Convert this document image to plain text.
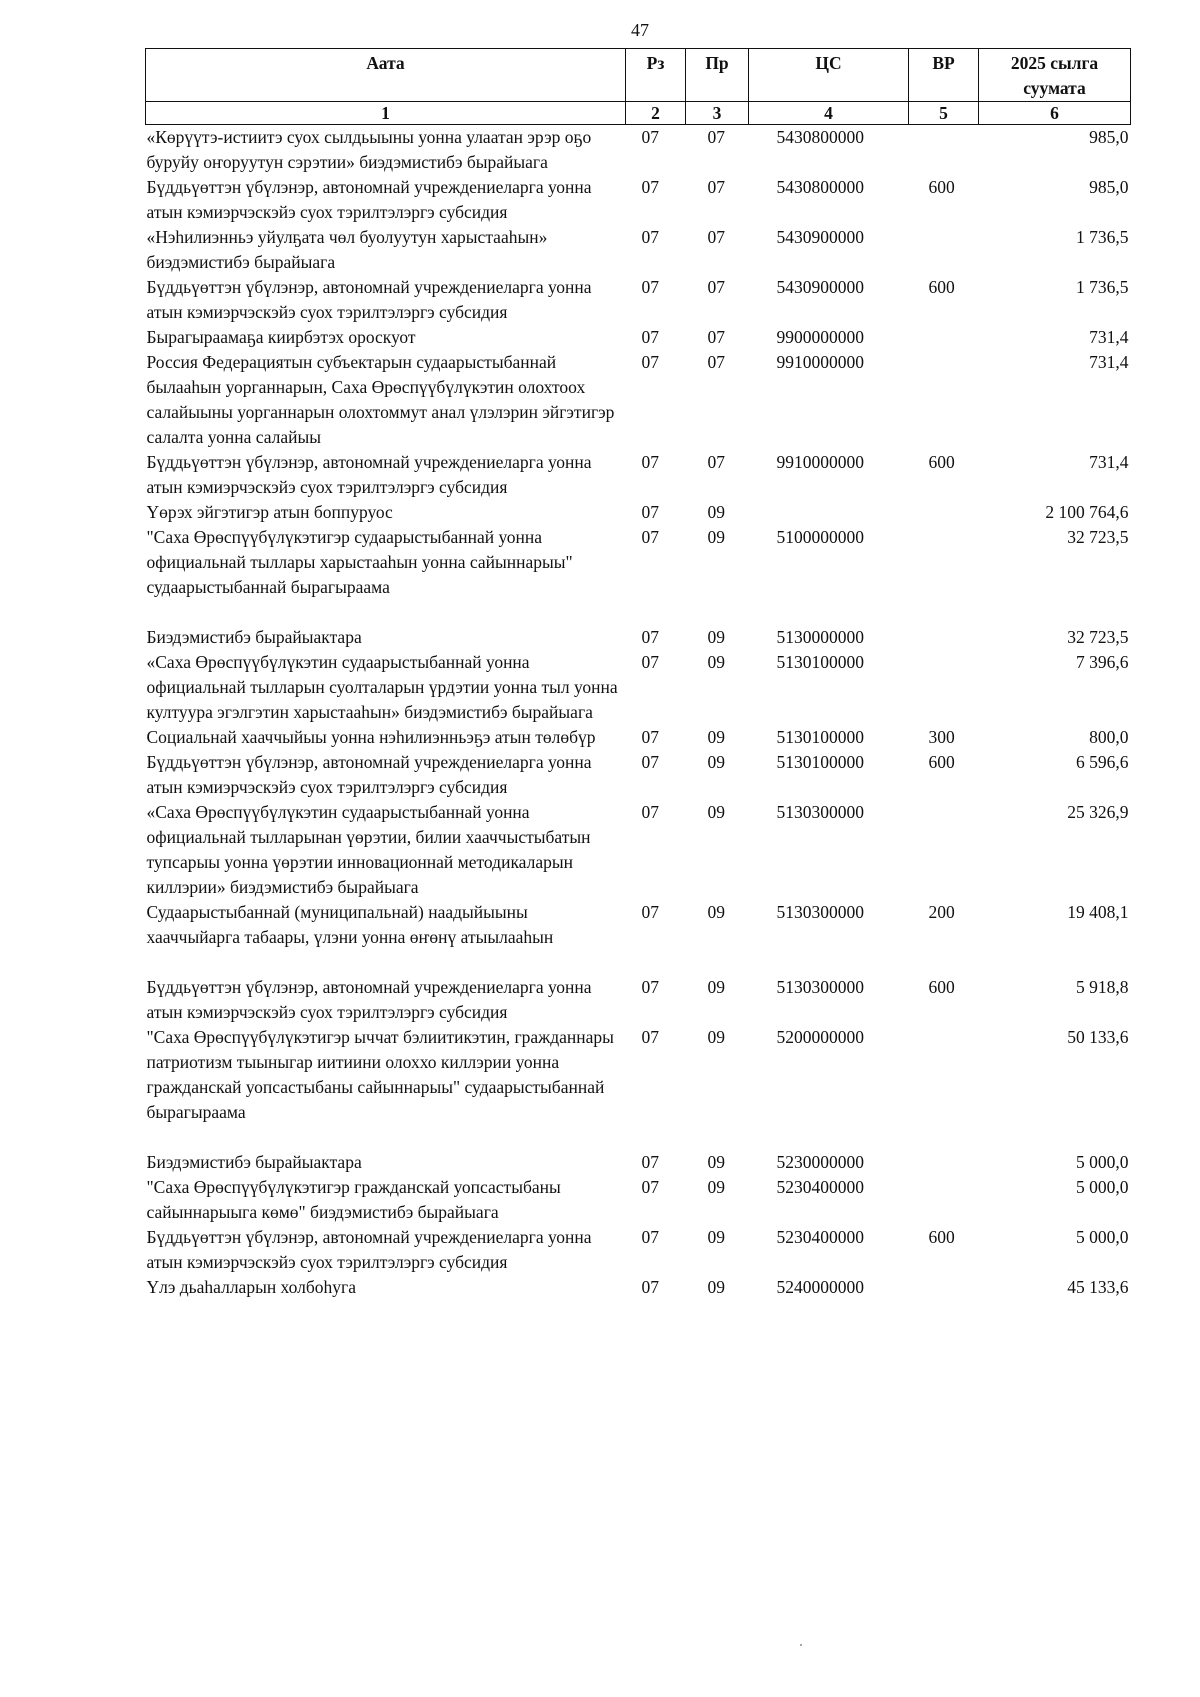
47
Аата	Рз	Пр	ЦС	ВР	2025 сылга суумата
1	2	3	4	5	6
«Көрүүтэ-истиитэ суох сылдьыыны уонна улаатан эрэр оҕо буруйу оҥоруутун сэрэтии» биэдэмистибэ бырайыага	07	07	5430800000		985,0
Бүддьүөттэн үбүлэнэр, автономнай учреждениеларга уонна атын кэмиэрчэскэйэ суох тэрилтэлэргэ субсидия	07	07	5430800000	600	985,0
«Нэһилиэнньэ уйулҕата чөл буолуутун харыстааһын» биэдэмистибэ бырайыага	07	07	5430900000		1 736,5
Бүддьүөттэн үбүлэнэр, автономнай учреждениеларга уонна атын кэмиэрчэскэйэ суох тэрилтэлэргэ субсидия	07	07	5430900000	600	1 736,5
Бырагыраамаҕа киирбэтэх ороскуот	07	07	9900000000		731,4
Россия Федерациятын субъектарын судаарыстыбаннай былааһын уорганнарын, Саха Өрөспүүбүлүкэтин олохтоох салайыыны уорганнарын олохтоммут анал үлэлэрин эйгэтигэр салалта уонна салайыы	07	07	9910000000		731,4
Бүддьүөттэн үбүлэнэр, автономнай учреждениеларга уонна атын кэмиэрчэскэйэ суох тэрилтэлэргэ субсидия	07	07	9910000000	600	731,4
Үөрэх эйгэтигэр атын боппуруос	07	09			2 100 764,6
"Саха Өрөспүүбүлүкэтигэр судаарыстыбаннай уонна официальнай тыллары харыстааһын уонна сайыннарыы" судаарыстыбаннай бырагыраама	07	09	5100000000		32 723,5
Биэдэмистибэ бырайыактара	07	09	5130000000		32 723,5
«Саха Өрөспүүбүлүкэтин судаарыстыбаннай уонна официальнай тылларын суолталарын үрдэтии уонна тыл уонна култуура эгэлгэтин харыстааһын» биэдэмистибэ бырайыага	07	09	5130100000		7 396,6
Социальнай хааччыйыы уонна нэһилиэнньэҕэ атын төлөбүр	07	09	5130100000	300	800,0
Бүддьүөттэн үбүлэнэр, автономнай учреждениеларга уонна атын кэмиэрчэскэйэ суох тэрилтэлэргэ субсидия	07	09	5130100000	600	6 596,6
«Саха Өрөспүүбүлүкэтин судаарыстыбаннай уонна официальнай тылларынан үөрэтии, билии хааччыстыбатын тупсарыы уонна үөрэтии инновационнай методикаларын киллэрии» биэдэмистибэ бырайыага	07	09	5130300000		25 326,9
Судаарыстыбаннай (муниципальнай) наадыйыыны хааччыйарга табаары, үлэни уонна өҥөнү атыылааһын	07	09	5130300000	200	19 408,1
Бүддьүөттэн үбүлэнэр, автономнай учреждениеларга уонна атын кэмиэрчэскэйэ суох тэрилтэлэргэ субсидия	07	09	5130300000	600	5 918,8
"Саха Өрөспүүбүлүкэтигэр ыччат бэлиитикэтин, гражданнары патриотизм тыыныгар иитиини олоххо киллэрии уонна гражданскай уопсастыбаны сайыннарыы" судаарыстыбаннай бырагыраама	07	09	5200000000		50 133,6
Биэдэмистибэ бырайыактара	07	09	5230000000		5 000,0
"Саха Өрөспүүбүлүкэтигэр гражданскай уопсастыбаны сайыннарыыга көмө" биэдэмистибэ бырайыага	07	09	5230400000		5 000,0
Бүддьүөттэн үбүлэнэр, автономнай учреждениеларга уонна атын кэмиэрчэскэйэ суох тэрилтэлэргэ субсидия	07	09	5230400000	600	5 000,0
Үлэ дьаһалларын холбоһуга	07	09	5240000000		45 133,6
